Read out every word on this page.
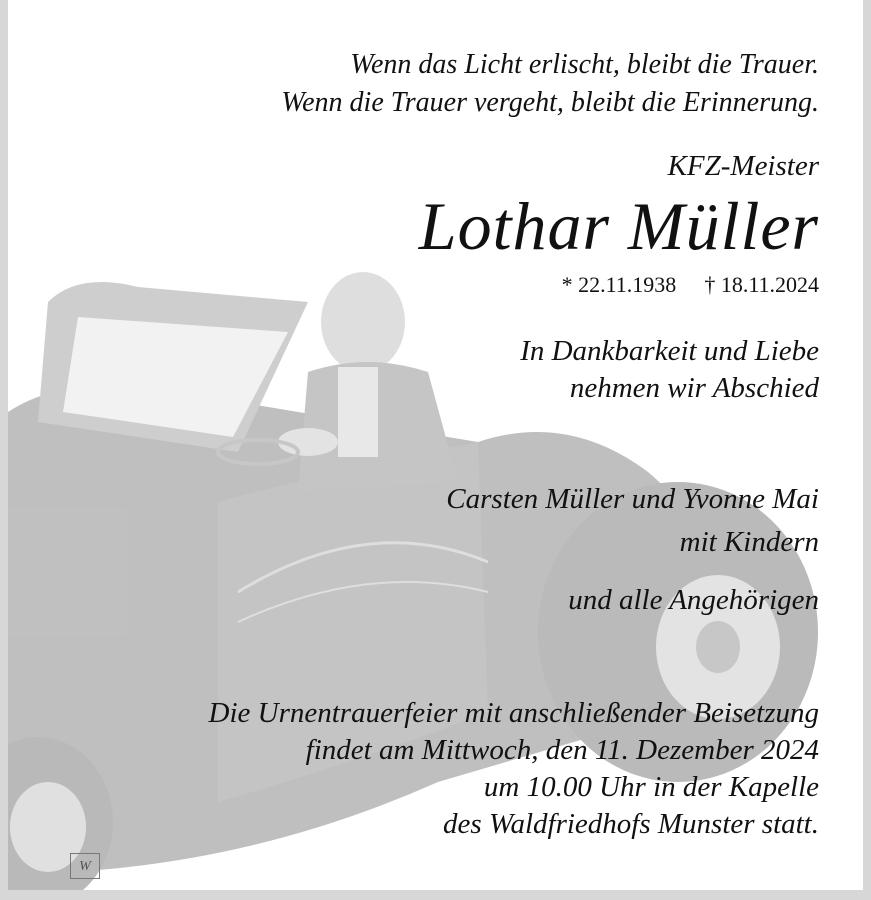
Wenn das Licht erlischt, bleibt die Trauer.
Wenn die Trauer vergeht, bleibt die Erinnerung.
KFZ-Meister
Lothar Müller
* 22.11.1938 † 18.11.2024
In Dankbarkeit und Liebe
nehmen wir Abschied
Carsten Müller und Yvonne Mai
mit Kindern
und alle Angehörigen
Die Urnentrauerfeier mit anschließender Beisetzung
findet am Mittwoch, den 11. Dezember 2024
um 10.00 Uhr in der Kapelle
des Waldfriedhofs Munster statt.
W
